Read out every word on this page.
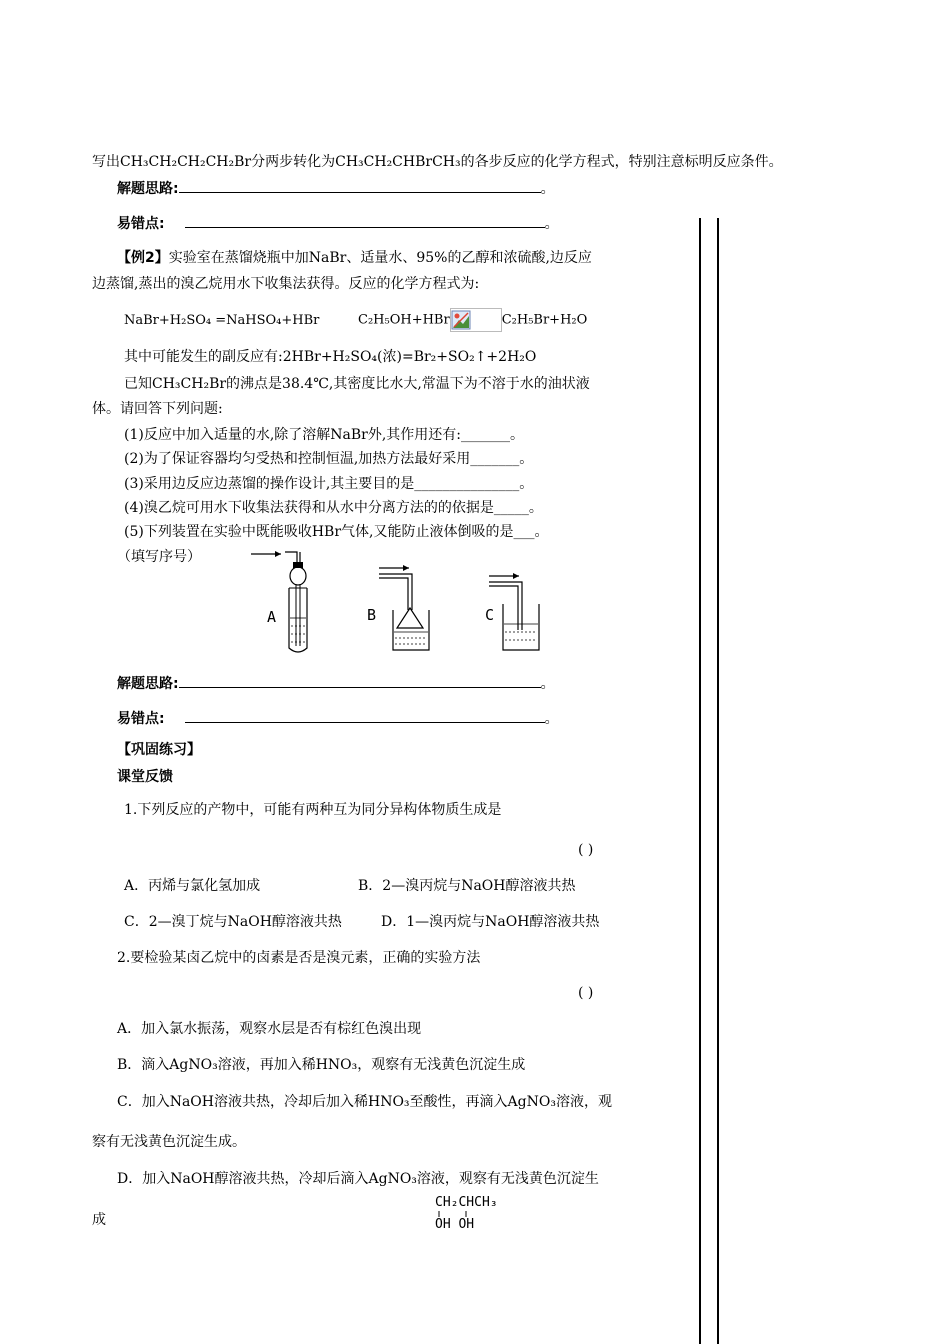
写出CH₃CH₂CH₂CH₂Br分两步转化为CH₃CH₂CHBrCH₃的各步反应的化学方程式，特别注意标明反应条件。
解题思路:	。
易错点:	。
【例2】实验室在蒸馏烧瓶中加NaBr、适量水、95%的乙醇和浓硫酸,边反应
边蒸馏,蒸出的溴乙烷用水下收集法获得。反应的化学方程式为:
NaBr+H₂SO₄ =NaHSO₄+HBr	C₂H₅OH+HBr	C₂H₅Br+H₂O
其中可能发生的副反应有:2HBr+H₂SO₄(浓)=Br₂+SO₂↑+2H₂O
已知CH₃CH₂Br的沸点是38.4℃,其密度比水大,常温下为不溶于水的油状液
体。请回答下列问题:
(1)反应中加入适量的水,除了溶解NaBr外,其作用还有:_______。
(2)为了保证容器均匀受热和控制恒温,加热方法最好采用_______。
(3)采用边反应边蒸馏的操作设计,其主要目的是_______________。
(4)溴乙烷可用水下收集法获得和从水中分离方法的的依据是_____。
(5)下列装置在实验中既能吸收HBr气体,又能防止液体倒吸的是___。
（填写序号）
A	B	C
解题思路:	。
易错点:	。
【巩固练习】
课堂反馈
1.下列反应的产物中，可能有两种互为同分异构体物质生成是
( )
A．丙烯与氯化氢加成	B．2—溴丙烷与NaOH醇溶液共热
C．2—溴丁烷与NaOH醇溶液共热	D．1—溴丙烷与NaOH醇溶液共热
2.要检验某卤乙烷中的卤素是否是溴元素，正确的实验方法
( )
A．加入氯水振荡，观察水层是否有棕红色溴出现
B．滴入AgNO₃溶液，再加入稀HNO₃，观察有无浅黄色沉淀生成
C．加入NaOH溶液共热，冷却后加入稀HNO₃至酸性，再滴入AgNO₃溶液，观
察有无浅黄色沉淀生成。
D．加入NaOH醇溶液共热，冷却后滴入AgNO₃溶液，观察有无浅黄色沉淀生
成
CH₂CHCH₃
OH OH
